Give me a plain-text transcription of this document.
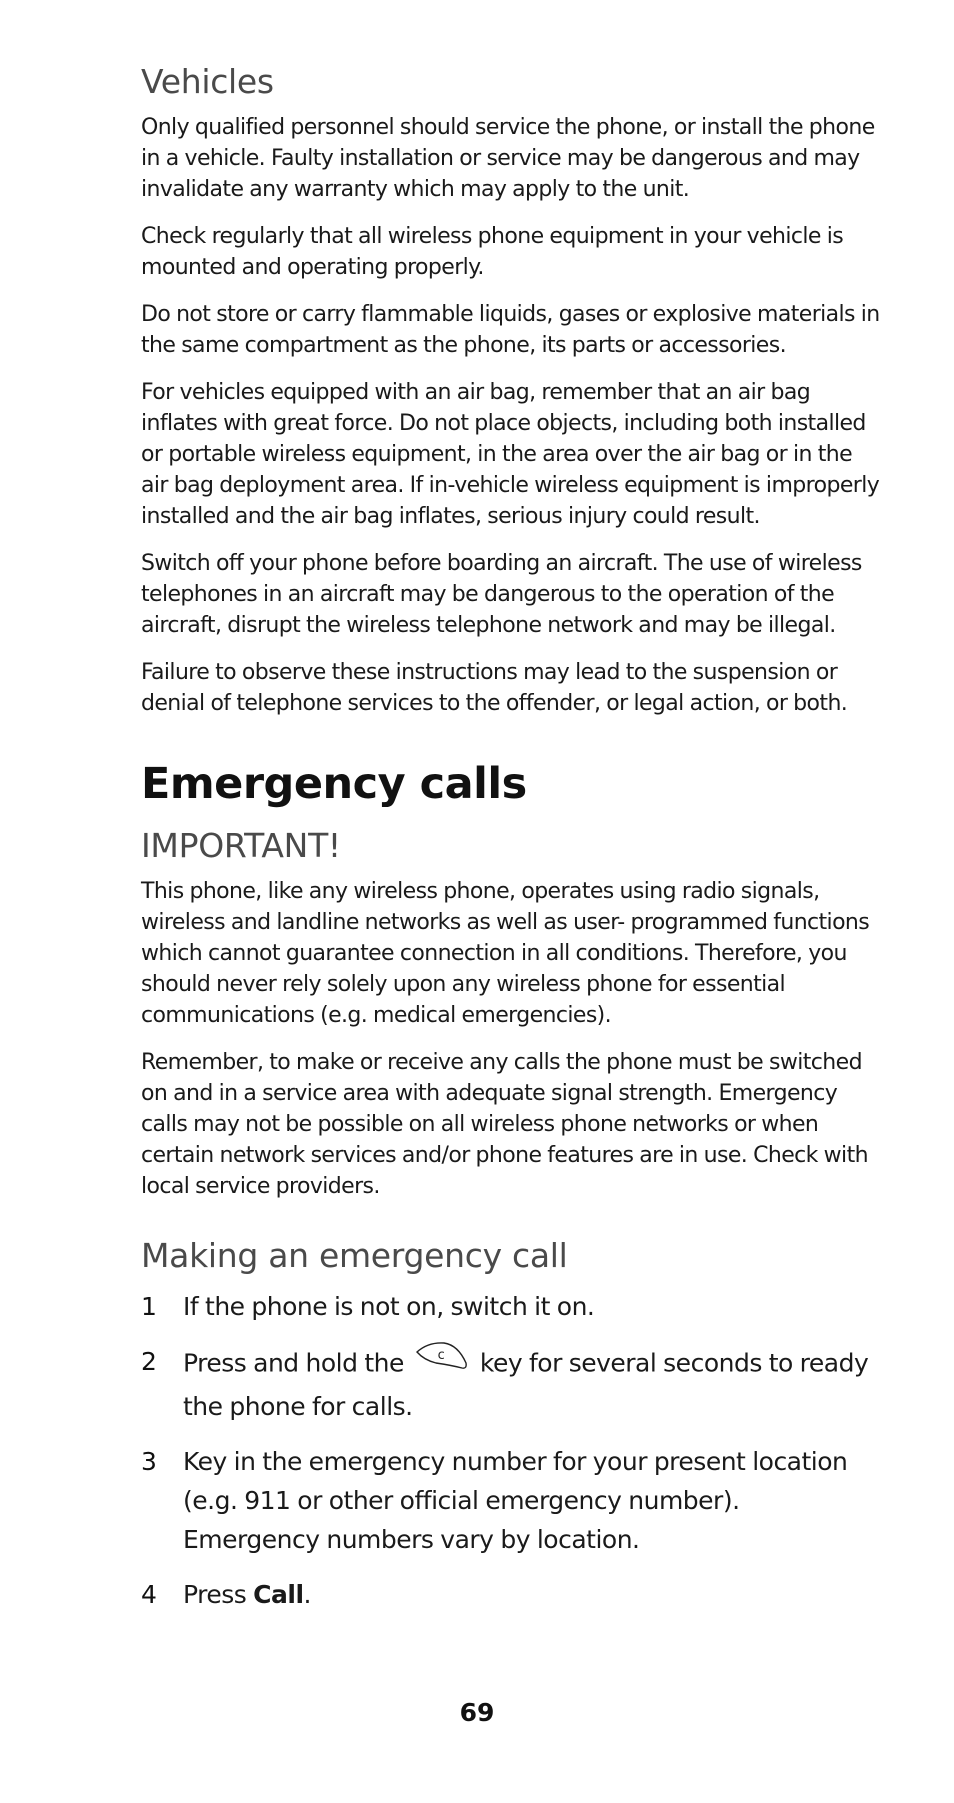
Vehicles

Only qualified personnel should service the phone, or install the phone in a vehicle. Faulty installation or service may be dangerous and may invalidate any warranty which may apply to the unit.

Check regularly that all wireless phone equipment in your vehicle is mounted and operating properly.

Do not store or carry flammable liquids, gases or explosive materials in the same compartment as the phone, its parts or accessories.

For vehicles equipped with an air bag, remember that an air bag inflates with great force. Do not place objects, including both installed or portable wireless equipment, in the area over the air bag or in the air bag deployment area. If in-vehicle wireless equipment is improperly installed and the air bag inflates, serious injury could result.

Switch off your phone before boarding an aircraft. The use of wireless telephones in an aircraft may be dangerous to the operation of the aircraft, disrupt the wireless telephone network and may be illegal.

Failure to observe these instructions may lead to the suspension or denial of telephone services to the offender, or legal action, or both.

Emergency calls
IMPORTANT!

This phone, like any wireless phone, operates using radio signals, wireless and landline networks as well as user- programmed functions which cannot guarantee connection in all conditions. Therefore, you should never rely solely upon any wireless phone for essential communications (e.g. medical emergencies).

Remember, to make or receive any calls the phone must be switched on and in a service area with adequate signal strength. Emergency calls may not be possible on all wireless phone networks or when certain network services and/or phone features are in use. Check with local service providers.

Making an emergency call
1	If the phone is not on, switch it on.
2	Press and hold the	c key for several seconds to ready the phone for calls.
3	Key in the emergency number for your present location (e.g. 911 or other official emergency number). Emergency numbers vary by location.
4	Press Call.
69
